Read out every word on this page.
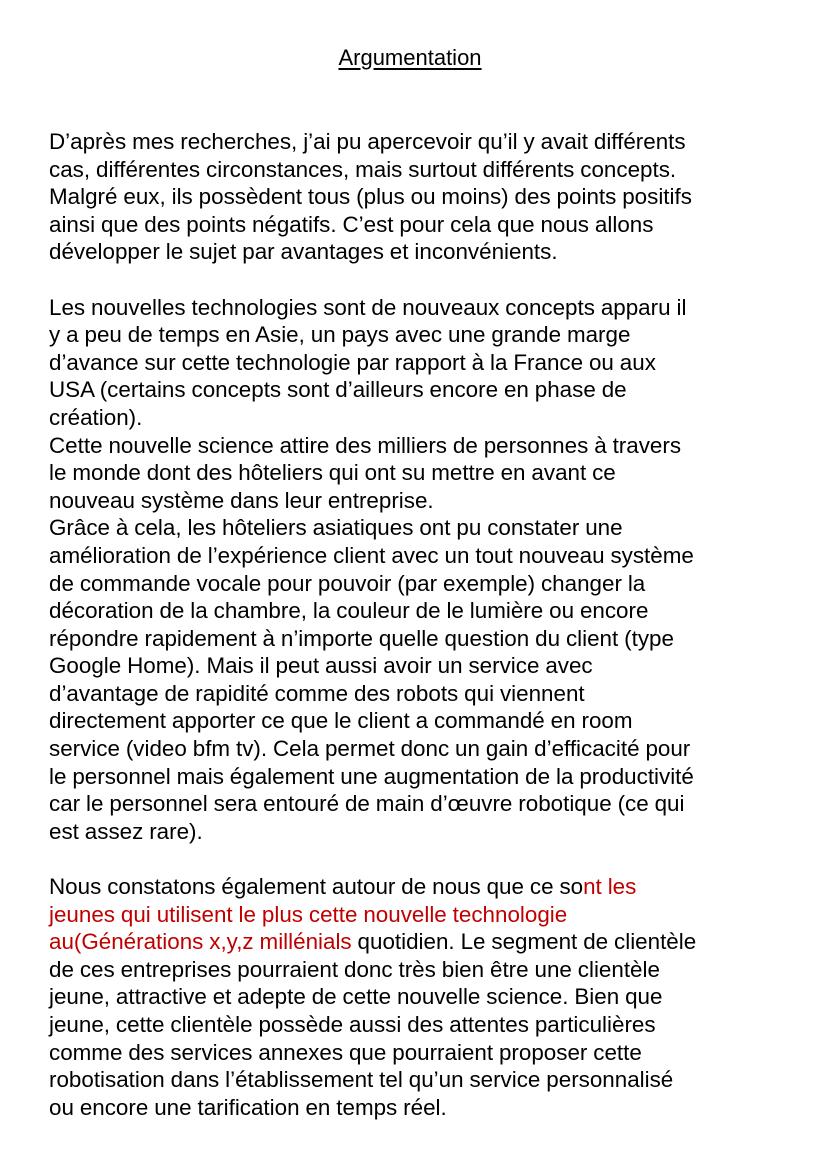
Argumentation

D’après mes recherches, j’ai pu apercevoir qu’il y avait différents
cas, différentes circonstances, mais surtout différents concepts.
Malgré eux, ils possèdent tous (plus ou moins) des points positifs
ainsi que des points négatifs. C’est pour cela que nous allons
développer le sujet par avantages et inconvénients.

Les nouvelles technologies sont de nouveaux concepts apparu il
y a peu de temps en Asie, un pays avec une grande marge
d’avance sur cette technologie par rapport à la France ou aux
USA (certains concepts sont d’ailleurs encore en phase de
création).
Cette nouvelle science attire des milliers de personnes à travers
le monde dont des hôteliers qui ont su mettre en avant ce
nouveau système dans leur entreprise.
Grâce à cela, les hôteliers asiatiques ont pu constater une
amélioration de l’expérience client avec un tout nouveau système
de commande vocale pour pouvoir (par exemple) changer la
décoration de la chambre, la couleur de le lumière ou encore
répondre rapidement à n’importe quelle question du client (type
Google Home). Mais il peut aussi avoir un service avec
d’avantage de rapidité comme des robots qui viennent
directement apporter ce que le client a commandé en room
service (video bfm tv). Cela permet donc un gain d’efficacité pour
le personnel mais également une augmentation de la productivité
car le personnel sera entouré de main d’œuvre robotique (ce qui
est assez rare).

Nous constatons également autour de nous que ce sont les
jeunes qui utilisent le plus cette nouvelle technologie
au(Générations x,y,z millénials quotidien. Le segment de clientèle
de ces entreprises pourraient donc très bien être une clientèle
jeune, attractive et adepte de cette nouvelle science. Bien que
jeune, cette clientèle possède aussi des attentes particulières
comme des services annexes que pourraient proposer cette
robotisation dans l’établissement tel qu’un service personnalisé
ou encore une tarification en temps réel.
